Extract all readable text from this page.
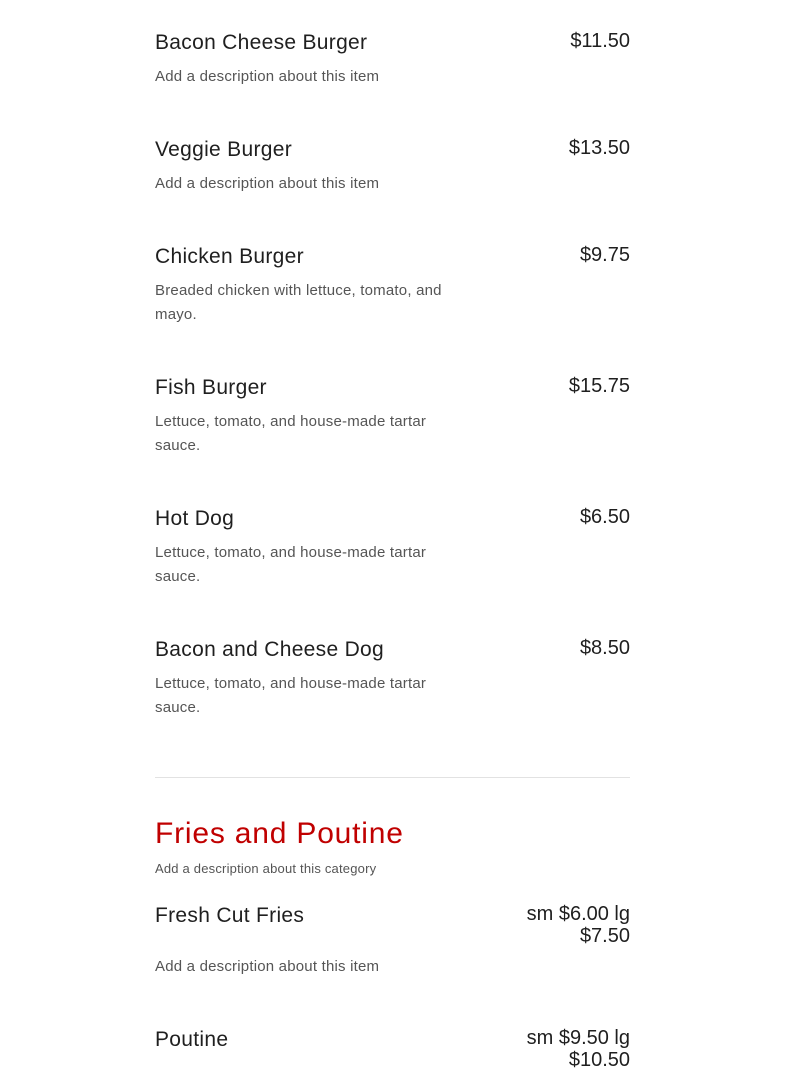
Bacon Cheese Burger	$11.50
Add a description about this item
Veggie Burger	$13.50
Add a description about this item
Chicken Burger	$9.75
Breaded chicken with lettuce, tomato, and mayo.
Fish Burger	$15.75
Lettuce, tomato, and house-made tartar sauce.
Hot Dog	$6.50
Lettuce, tomato, and house-made tartar sauce.
Bacon and Cheese Dog	$8.50
Lettuce, tomato, and house-made tartar sauce.
Fries and Poutine
Add a description about this category
Fresh Cut Fries	sm $6.00 lg $7.50
Add a description about this item
Poutine	sm $9.50 lg $10.50
